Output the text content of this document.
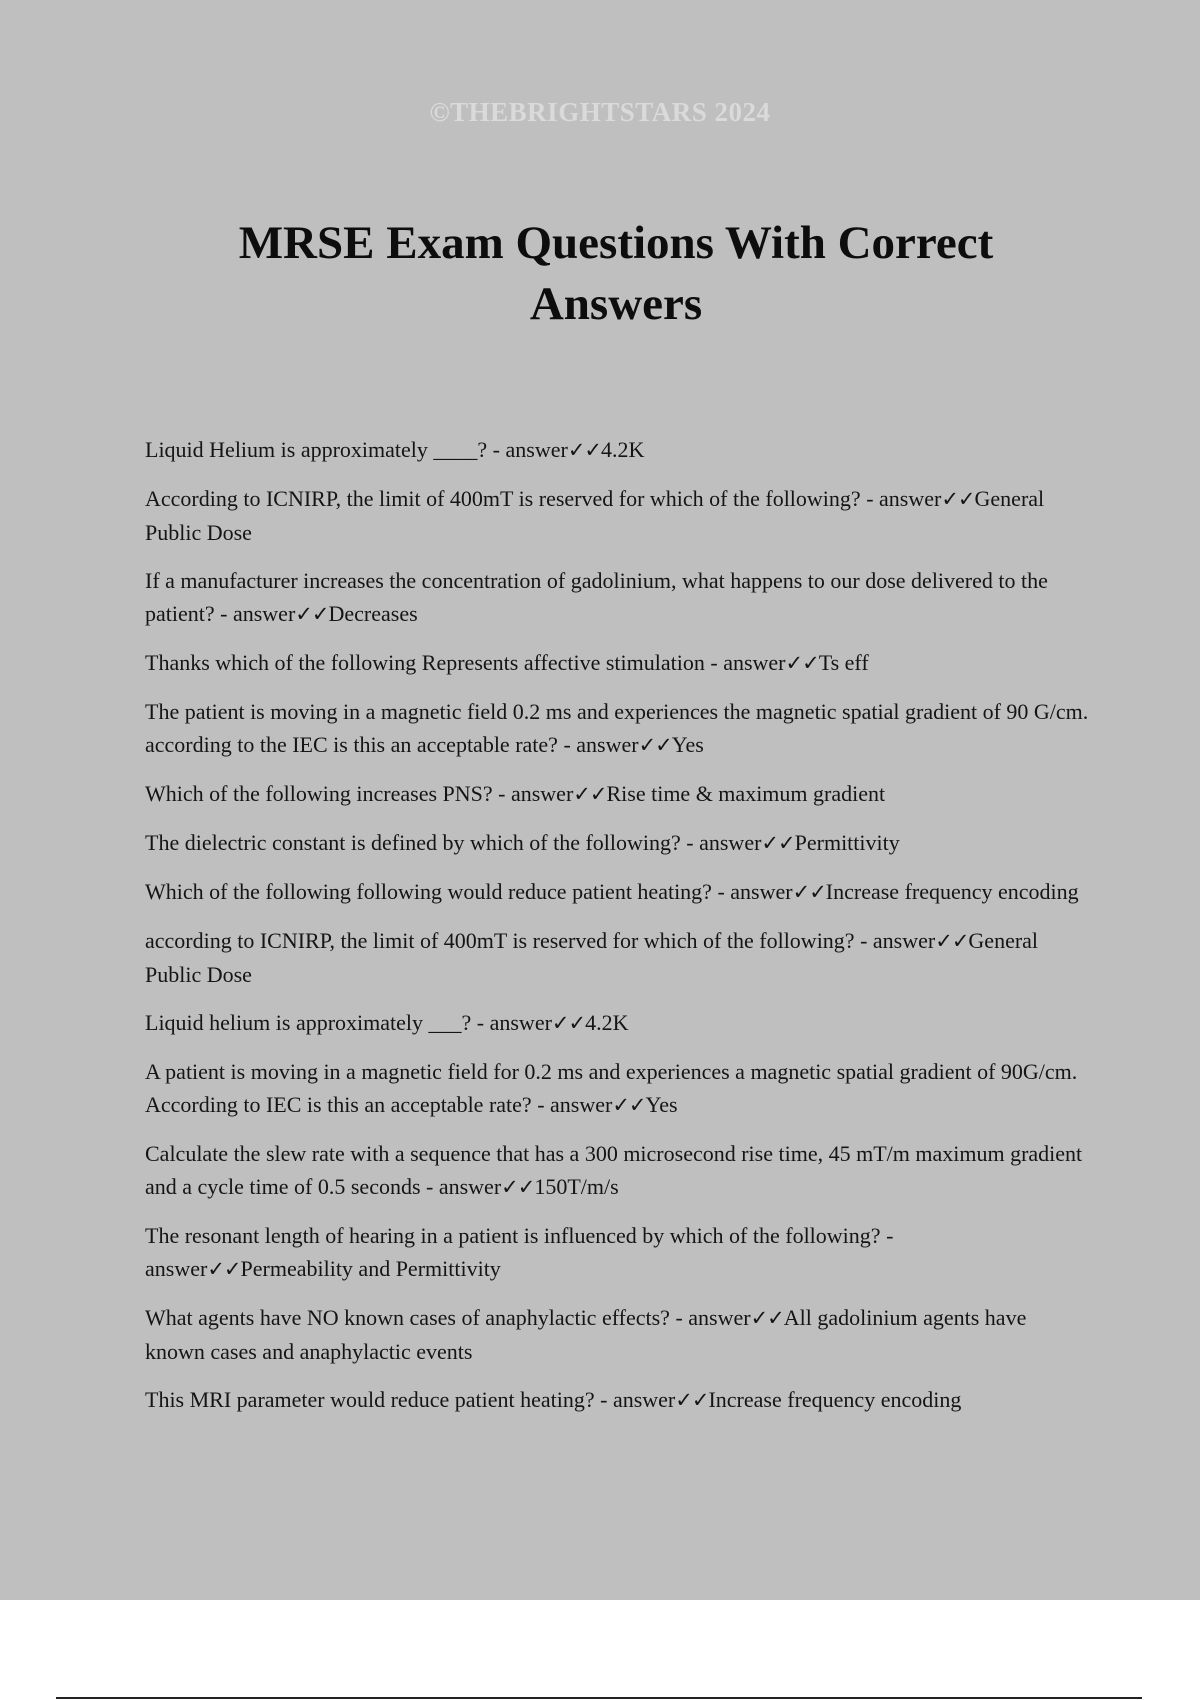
©THEBRIGHTSTARS 2024
MRSE Exam Questions With Correct Answers
Liquid Helium is approximately ____? - answer✓✓4.2K
According to ICNIRP, the limit of 400mT is reserved for which of the following? - answer✓✓General Public Dose
If a manufacturer increases the concentration of gadolinium, what happens to our dose delivered to the patient? - answer✓✓Decreases
Thanks which of the following Represents affective stimulation - answer✓✓Ts eff
The patient is moving in a magnetic field 0.2 ms and experiences the magnetic spatial gradient of 90 G/cm. according to the IEC is this an acceptable rate? - answer✓✓Yes
Which of the following increases PNS? - answer✓✓Rise time & maximum gradient
The dielectric constant is defined by which of the following? - answer✓✓Permittivity
Which of the following following would reduce patient heating? - answer✓✓Increase frequency encoding
according to ICNIRP, the limit of 400mT is reserved for which of the following? - answer✓✓General Public Dose
Liquid helium is approximately ___? - answer✓✓4.2K
A patient is moving in a magnetic field for 0.2 ms and experiences a magnetic spatial gradient of 90G/cm. According to IEC is this an acceptable rate? - answer✓✓Yes
Calculate the slew rate with a sequence that has a 300 microsecond rise time, 45 mT/m maximum gradient and a cycle time of 0.5 seconds - answer✓✓150T/m/s
The resonant length of hearing in a patient is influenced by which of the following? - answer✓✓Permeability and Permittivity
What agents have NO known cases of anaphylactic effects? - answer✓✓All gadolinium agents have known cases and anaphylactic events
This MRI parameter would reduce patient heating? - answer✓✓Increase frequency encoding
